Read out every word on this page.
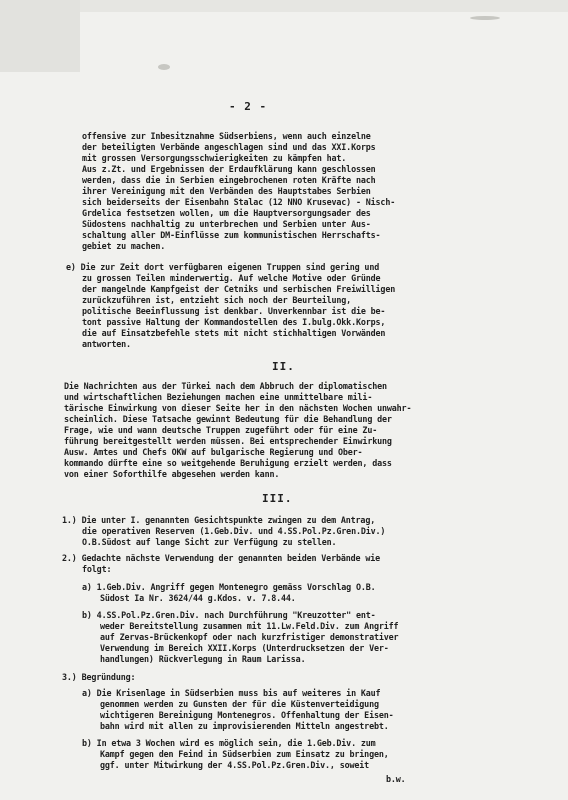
- 2 -
offensive zur Inbesitznahme Südserbiens, wenn auch einzelne
der beteiligten Verbände angeschlagen sind und das XXI.Korps
mit grossen Versorgungsschwierigkeiten zu kämpfen hat.
Aus z.Zt. und Ergebnissen der Erdaufklärung kann geschlossen
werden, dass die in Serbien eingebrochenen roten Kräfte nach
ihrer Vereinigung mit den Verbänden des Hauptstabes Serbien
sich beiderseits der Eisenbahn Stalac (12 NNO Krusevac) - Nisch-
Grdelica festsetzen wollen, um die Hauptversorgungsader des
Südostens nachhaltig zu unterbrechen und Serbien unter Aus-
schaltung aller DM-Einflüsse zum kommunistischen Herrschafts-
gebiet zu machen.
e) Die zur Zeit dort verfügbaren eigenen Truppen sind gering und
zu grossen Teilen minderwertig. Auf welche Motive oder Gründe
der mangelnde Kampfgeist der Cetniks und serbischen Freiwilligen
zurückzuführen ist, entzieht sich noch der Beurteilung,
politische Beeinflussung ist denkbar. Unverkennbar ist die be-
tont passive Haltung der Kommandostellen des I.bulg.Okk.Korps,
die auf Einsatzbefehle stets mit nicht stichhaltigen Vorwänden
antworten.
II.
Die Nachrichten aus der Türkei nach dem Abbruch der diplomatischen
und wirtschaftlichen Beziehungen machen eine unmittelbare mili-
tärische Einwirkung von dieser Seite her in den nächsten Wochen unwahr-
scheinlich. Diese Tatsache gewinnt Bedeutung für die Behandlung der
Frage, wie und wann deutsche Truppen zugeführt oder für eine Zu-
führung bereitgestellt werden müssen. Bei entsprechender Einwirkung
Ausw. Amtes und Chefs OKW auf bulgarische Regierung und Ober-
kommando dürfte eine so weitgehende Beruhigung erzielt werden, dass
von einer Soforthilfe abgesehen werden kann.
III.
1.) Die unter I. genannten Gesichtspunkte zwingen zu dem Antrag,
die operativen Reserven (1.Geb.Div. und 4.SS.Pol.Pz.Gren.Div.)
O.B.Südost auf lange Sicht zur Verfügung zu stellen.
2.) Gedachte nächste Verwendung der genannten beiden Verbände wie
folgt:
a) 1.Geb.Div. Angriff gegen Montenegro gemäss Vorschlag O.B.
Südost Ia Nr. 3624/44 g.Kdos. v. 7.8.44.
b) 4.SS.Pol.Pz.Gren.Div. nach Durchführung "Kreuzotter" ent-
weder Bereitstellung zusammen mit 11.Lw.Feld.Div. zum Angriff
auf Zervas-Brückenkopf oder nach kurzfristiger demonstrativer
Verwendung im Bereich XXII.Korps (Unterdrucksetzen der Ver-
handlungen) Rückverlegung in Raum Larissa.
3.) Begründung:
a) Die Krisenlage in Südserbien muss bis auf weiteres in Kauf
genommen werden zu Gunsten der für die Küstenverteidigung
wichtigeren Bereinigung Montenegros. Offenhaltung der Eisen-
bahn wird mit allen zu improvisierenden Mitteln angestrebt.
b) In etwa 3 Wochen wird es möglich sein, die 1.Geb.Div. zum
Kampf gegen den Feind in Südserbien zum Einsatz zu bringen,
ggf. unter Mitwirkung der 4.SS.Pol.Pz.Gren.Div., soweit
b.w.
